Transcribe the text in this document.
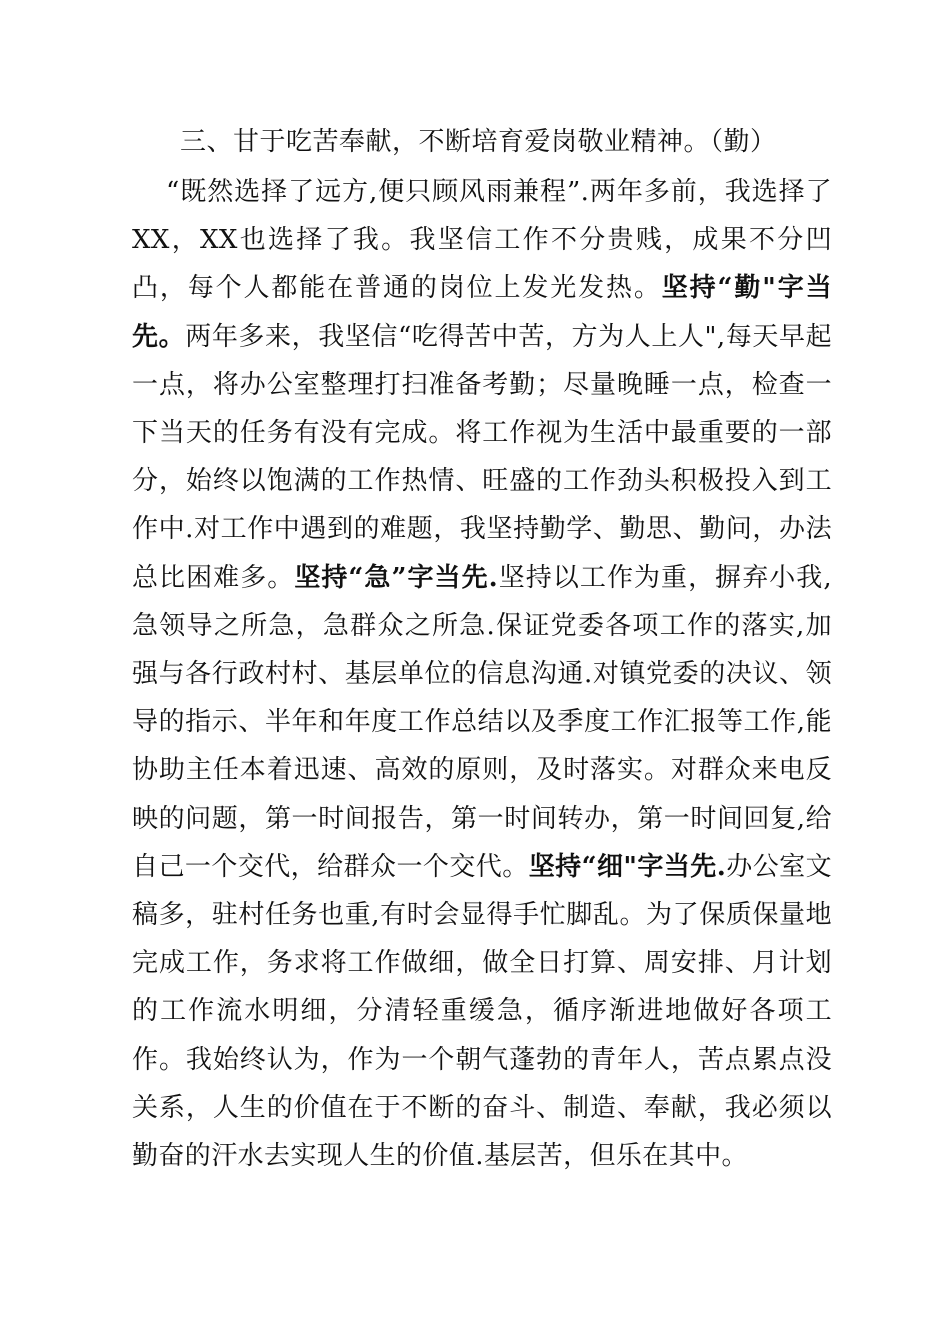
三、甘于吃苦奉献，不断培育爱岗敬业精神。（勤）
“既然选择了远方,便只顾风雨兼程”.两年多前，我选择了XX，XX也选择了我。我坚信工作不分贵贱，成果不分凹凸，每个人都能在普通的岗位上发光发热。坚持“勤"字当先。两年多来，我坚信“吃得苦中苦，方为人上人",每天早起一点，将办公室整理打扫准备考勤；尽量晚睡一点，检查一下当天的任务有没有完成。将工作视为生活中最重要的一部分，始终以饱满的工作热情、旺盛的工作劲头积极投入到工作中.对工作中遇到的难题，我坚持勤学、勤思、勤问，办法总比困难多。坚持“急”字当先.坚持以工作为重，摒弃小我,急领导之所急，急群众之所急.保证党委各项工作的落实,加强与各行政村村、基层单位的信息沟通.对镇党委的决议、领导的指示、半年和年度工作总结以及季度工作汇报等工作,能协助主任本着迅速、高效的原则，及时落实。对群众来电反映的问题，第一时间报告，第一时间转办，第一时间回复,给自己一个交代，给群众一个交代。坚持“细"字当先.办公室文稿多，驻村任务也重,有时会显得手忙脚乱。为了保质保量地完成工作，务求将工作做细，做全日打算、周安排、月计划的工作流水明细，分清轻重缓急，循序渐进地做好各项工作。我始终认为，作为一个朝气蓬勃的青年人，苦点累点没关系，人生的价值在于不断的奋斗、制造、奉献，我必须以勤奋的汗水去实现人生的价值.基层苦，但乐在其中。
